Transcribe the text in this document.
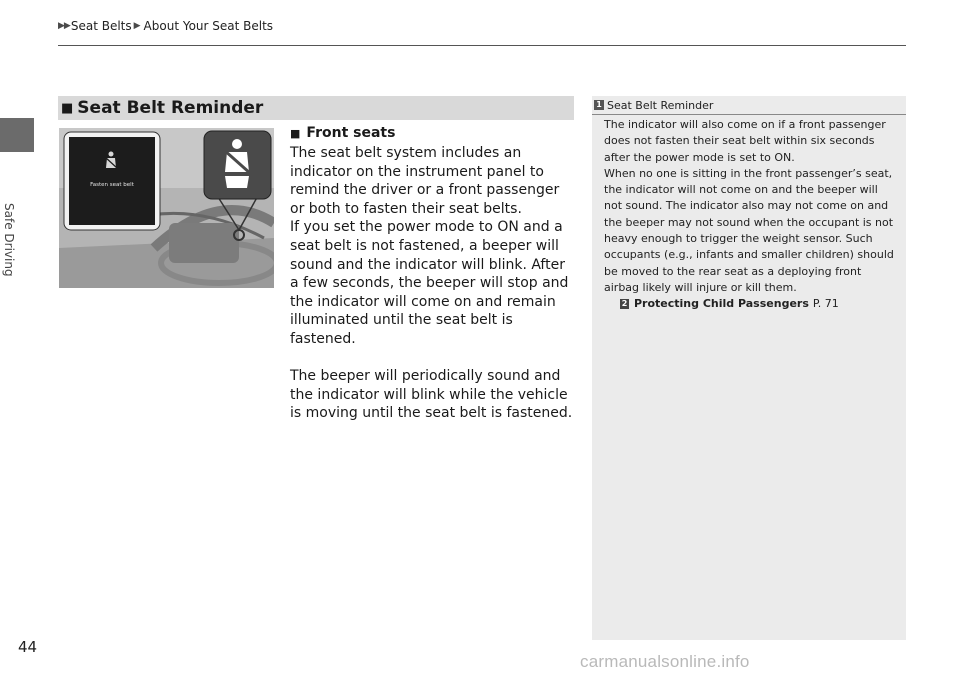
▶▶ Seat Belts ▶ About Your Seat Belts
Safe Driving
■ Seat Belt Reminder
Fasten seat belt
■ Front seats

The seat belt system includes an indicator on the instrument panel to remind the driver or a front passenger or both to fasten their seat belts.

If you set the power mode to ON and a seat belt is not fastened, a beeper will sound and the indicator will blink. After a few seconds, the beeper will stop and the indicator will come on and remain illuminated until the seat belt is fastened.

The beeper will periodically sound and the indicator will blink while the vehicle is moving until the seat belt is fastened.

1 Seat Belt Reminder

The indicator will also come on if a front passenger does not fasten their seat belt within six seconds after the power mode is set to ON.

When no one is sitting in the front passenger’s seat, the indicator will not come on and the beeper will not sound. The indicator also may not come on and the beeper may not sound when the occupant is not heavy enough to trigger the weight sensor. Such occupants (e.g., infants and smaller children) should be moved to the rear seat as a deploying front airbag likely will injure or kill them.

2 Protecting Child Passengers P. 71
44
carmanualsonline.info
